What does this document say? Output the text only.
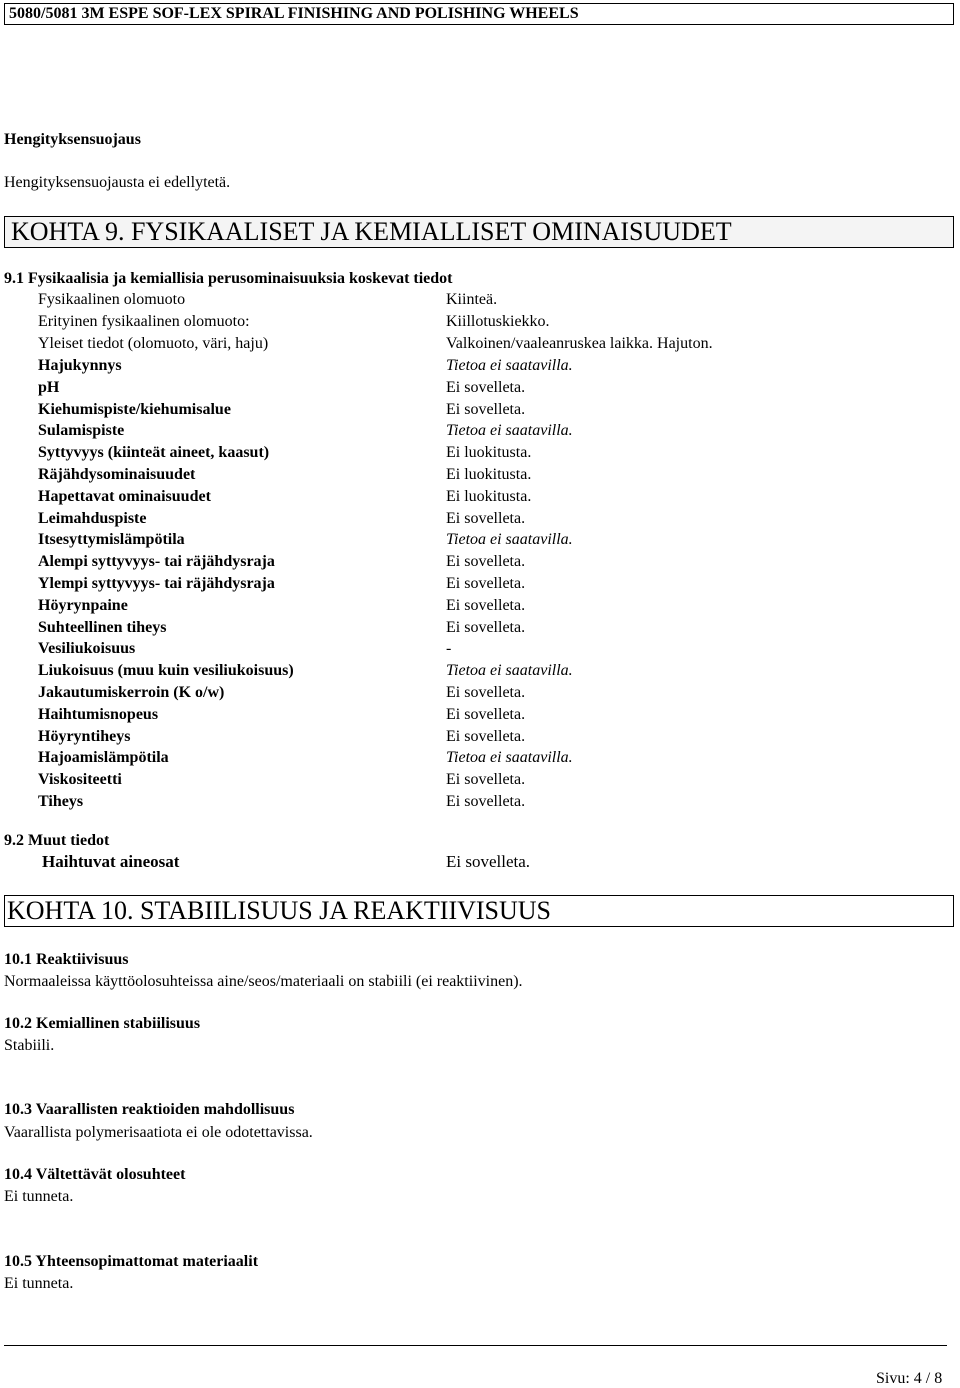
5080/5081 3M ESPE SOF-LEX SPIRAL FINISHING AND POLISHING WHEELS
Hengityksensuojaus
Hengityksensuojausta ei edellytetä.
KOHTA 9. FYSIKAALISET JA KEMIALLISET OMINAISUUDET
9.1 Fysikaalisia ja kemiallisia perusominaisuuksia koskevat tiedot
Fysikaalinen olomuoto	Kiinteä.
Erityinen fysikaalinen olomuoto:	Kiillotuskiekko.
Yleiset tiedot (olomuoto, väri, haju)	Valkoinen/vaaleanruskea laikka. Hajuton.
Hajukynnys	Tietoa ei saatavilla.
pH	Ei sovelleta.
Kiehumispiste/kiehumisalue	Ei sovelleta.
Sulamispiste	Tietoa ei saatavilla.
Syttyvyys (kiinteät aineet, kaasut)	Ei luokitusta.
Räjähdysominaisuudet	Ei luokitusta.
Hapettavat ominaisuudet	Ei luokitusta.
Leimahduspiste	Ei sovelleta.
Itsesyttymislämpötila	Tietoa ei saatavilla.
Alempi syttyvyys- tai räjähdysraja	Ei sovelleta.
Ylempi syttyvyys- tai räjähdysraja	Ei sovelleta.
Höyrynpaine	Ei sovelleta.
Suhteellinen tiheys	Ei sovelleta.
Vesiliukoisuus	-
Liukoisuus (muu kuin vesiliukoisuus)	Tietoa ei saatavilla.
Jakautumiskerroin (K o/w)	Ei sovelleta.
Haihtumisnopeus	Ei sovelleta.
Höyryntiheys	Ei sovelleta.
Hajoamislämpötila	Tietoa ei saatavilla.
Viskositeetti	Ei sovelleta.
Tiheys	Ei sovelleta.
9.2 Muut tiedot
Haihtuvat aineosat	Ei sovelleta.
KOHTA 10. STABIILISUUS JA REAKTIIVISUUS
10.1 Reaktiivisuus
Normaaleissa käyttöolosuhteissa aine/seos/materiaali on stabiili (ei reaktiivinen).
10.2 Kemiallinen stabiilisuus
Stabiili.
10.3 Vaarallisten reaktioiden mahdollisuus
Vaarallista polymerisaatiota ei ole odotettavissa.
10.4 Vältettävät olosuhteet
Ei tunneta.
10.5 Yhteensopimattomat materiaalit
Ei tunneta.
Sivu: 4 / 8
